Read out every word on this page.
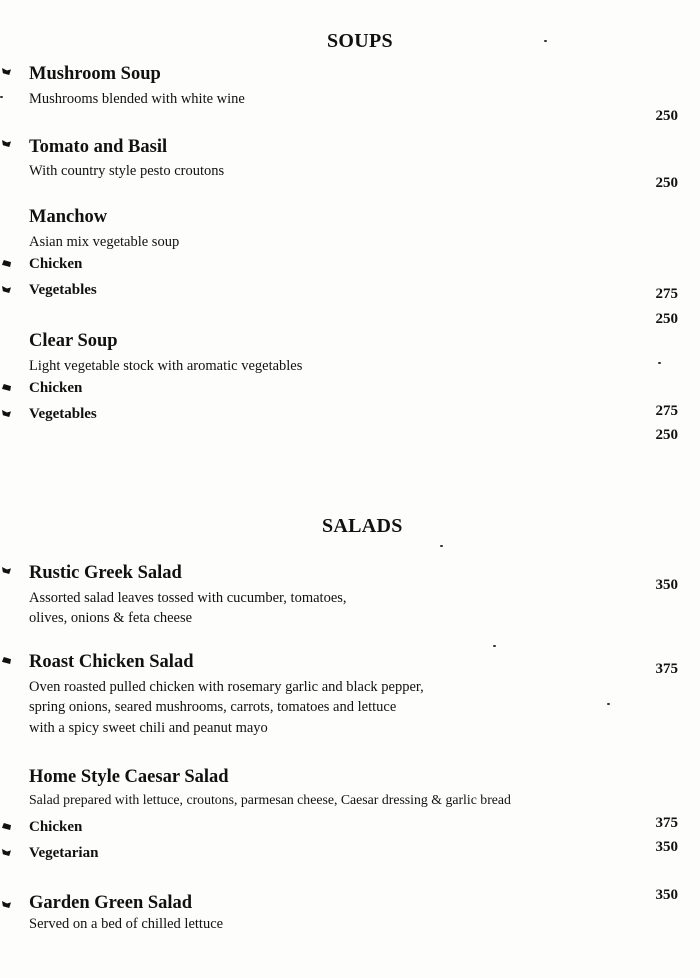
SOUPS
Mushroom Soup
Mushrooms blended with white wine
250
Tomato and Basil
With country style pesto croutons
250
Manchow
Asian mix vegetable soup
Chicken
Vegetables	275
250
Clear Soup
Light vegetable stock with aromatic vegetables
Chicken
Vegetables	275
250
SALADS
Rustic Greek Salad
Assorted salad leaves tossed with cucumber, tomatoes,
olives, onions & feta cheese
350
Roast Chicken Salad
Oven roasted pulled chicken with rosemary garlic and black pepper,
spring onions, seared mushrooms, carrots, tomatoes and lettuce
with a spicy sweet chili and peanut mayo
375
Home Style Caesar Salad
Salad prepared with lettuce, croutons, parmesan cheese, Caesar dressing & garlic bread
Chicken
Vegetarian
375
350
Garden Green Salad
Served on a bed of chilled lettuce
350
